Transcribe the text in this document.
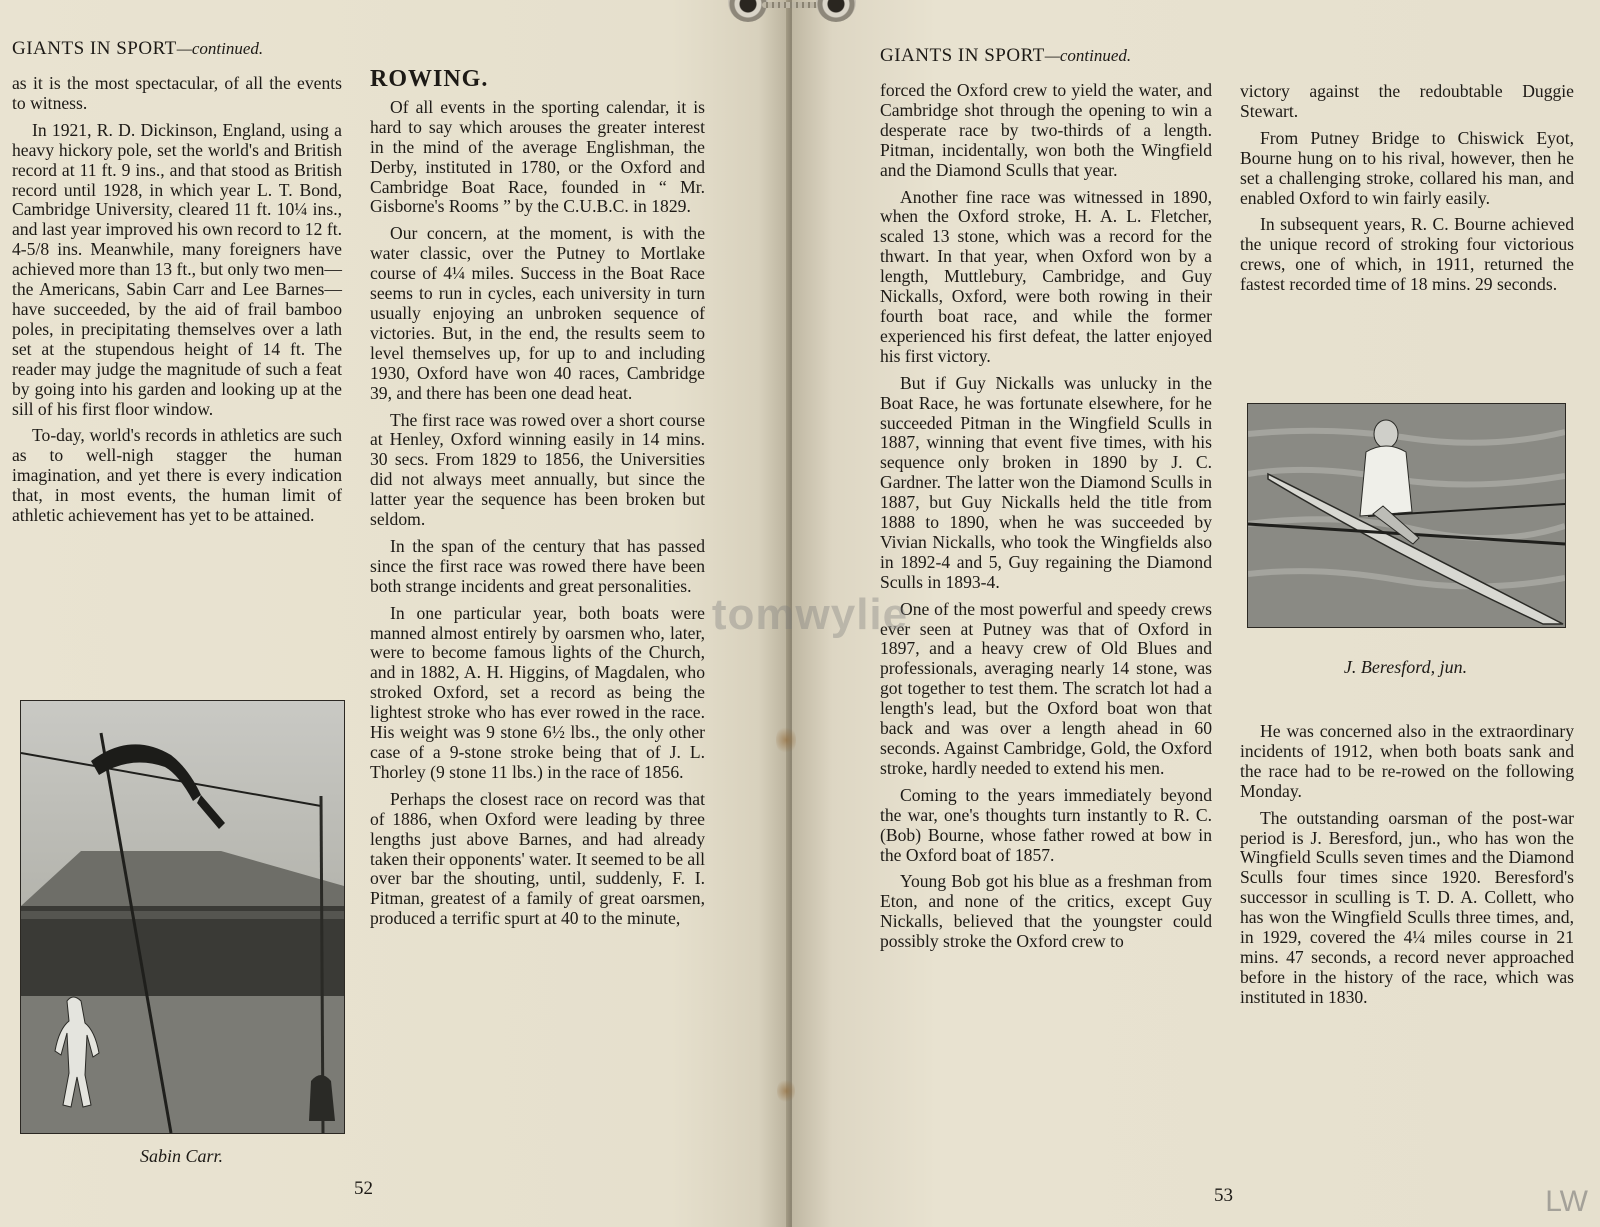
GIANTS IN SPORT—continued.

as it is the most spectacular, of all the events to witness.

In 1921, R. D. Dickinson, England, using a heavy hickory pole, set the world's and British record at 11 ft. 9 ins., and that stood as British record until 1928, in which year L. T. Bond, Cambridge University, cleared 11 ft. 10¼ ins., and last year improved his own record to 12 ft. 4-5/8 ins. Meanwhile, many foreigners have achieved more than 13 ft., but only two men—the Americans, Sabin Carr and Lee Barnes—have succeeded, by the aid of frail bamboo poles, in precipitating themselves over a lath set at the stupendous height of 14 ft. The reader may judge the magnitude of such a feat by going into his garden and looking up at the sill of his first floor window.

To-day, world's records in athletics are such as to well-nigh stagger the human imagination, and yet there is every indication that, in most events, the human limit of athletic achievement has yet to be attained.

Sabin Carr.
ROWING.

Of all events in the sporting calendar, it is hard to say which arouses the greater interest in the mind of the average Englishman, the Derby, instituted in 1780, or the Oxford and Cambridge Boat Race, founded in “ Mr. Gisborne's Rooms ” by the C.U.B.C. in 1829.

Our concern, at the moment, is with the water classic, over the Putney to Mortlake course of 4¼ miles. Success in the Boat Race seems to run in cycles, each university in turn usually enjoying an unbroken sequence of victories. But, in the end, the results seem to level themselves up, for up to and including 1930, Oxford have won 40 races, Cambridge 39, and there has been one dead heat.

The first race was rowed over a short course at Henley, Oxford winning easily in 14 mins. 30 secs. From 1829 to 1856, the Universities did not always meet annually, but since the latter year the sequence has been broken but seldom.

In the span of the century that has passed since the first race was rowed there have been both strange incidents and great personalities.

In one particular year, both boats were manned almost entirely by oarsmen who, later, were to become famous lights of the Church, and in 1882, A. H. Higgins, of Magdalen, who stroked Oxford, set a record as being the lightest stroke who has ever rowed in the race. His weight was 9 stone 6½ lbs., the only other case of a 9-stone stroke being that of J. L. Thorley (9 stone 11 lbs.) in the race of 1856.

Perhaps the closest race on record was that of 1886, when Oxford were leading by three lengths just above Barnes, and had already taken their opponents' water. It seemed to be all over bar the shouting, until, suddenly, F. I. Pitman, greatest of a family of great oarsmen, produced a terrific spurt at 40 to the minute,

52
GIANTS IN SPORT—continued.

forced the Oxford crew to yield the water, and Cambridge shot through the opening to win a desperate race by two-thirds of a length. Pitman, incidentally, won both the Wingfield and the Diamond Sculls that year.

Another fine race was witnessed in 1890, when the Oxford stroke, H. A. L. Fletcher, scaled 13 stone, which was a record for the thwart. In that year, when Oxford won by a length, Muttlebury, Cambridge, and Guy Nickalls, Oxford, were both rowing in their fourth boat race, and while the former experienced his first defeat, the latter enjoyed his first victory.

But if Guy Nickalls was unlucky in the Boat Race, he was fortunate elsewhere, for he succeeded Pitman in the Wingfield Sculls in 1887, winning that event five times, with his sequence only broken in 1890 by J. C. Gardner. The latter won the Diamond Sculls in 1887, but Guy Nickalls held the title from 1888 to 1890, when he was succeeded by Vivian Nickalls, who took the Wingfields also in 1892-4 and 5, Guy regaining the Diamond Sculls in 1893-4.

One of the most powerful and speedy crews ever seen at Putney was that of Oxford in 1897, and a heavy crew of Old Blues and professionals, averaging nearly 14 stone, was got together to test them. The scratch lot had a length's lead, but the Oxford boat won that back and was over a length ahead in 60 seconds. Against Cambridge, Gold, the Oxford stroke, hardly needed to extend his men.

Coming to the years immediately beyond the war, one's thoughts turn instantly to R. C. (Bob) Bourne, whose father rowed at bow in the Oxford boat of 1857.

Young Bob got his blue as a freshman from Eton, and none of the critics, except Guy Nickalls, believed that the youngster could possibly stroke the Oxford crew to

victory against the redoubtable Duggie Stewart.

From Putney Bridge to Chiswick Eyot, Bourne hung on to his rival, however, then he set a challenging stroke, collared his man, and enabled Oxford to win fairly easily.

In subsequent years, R. C. Bourne achieved the unique record of stroking four victorious crews, one of which, in 1911, returned the fastest recorded time of 18 mins. 29 seconds.

J. Beresford, jun.

He was concerned also in the extraordinary incidents of 1912, when both boats sank and the race had to be re-rowed on the following Monday.

The outstanding oarsman of the post-war period is J. Beresford, jun., who has won the Wingfield Sculls seven times and the Diamond Sculls four times since 1920. Beresford's successor in sculling is T. D. A. Collett, who has won the Wingfield Sculls three times, and, in 1929, covered the 4¼ miles course in 21 mins. 47 seconds, a record never approached before in the history of the race, which was instituted in 1830.

53
tomwylie
LW
